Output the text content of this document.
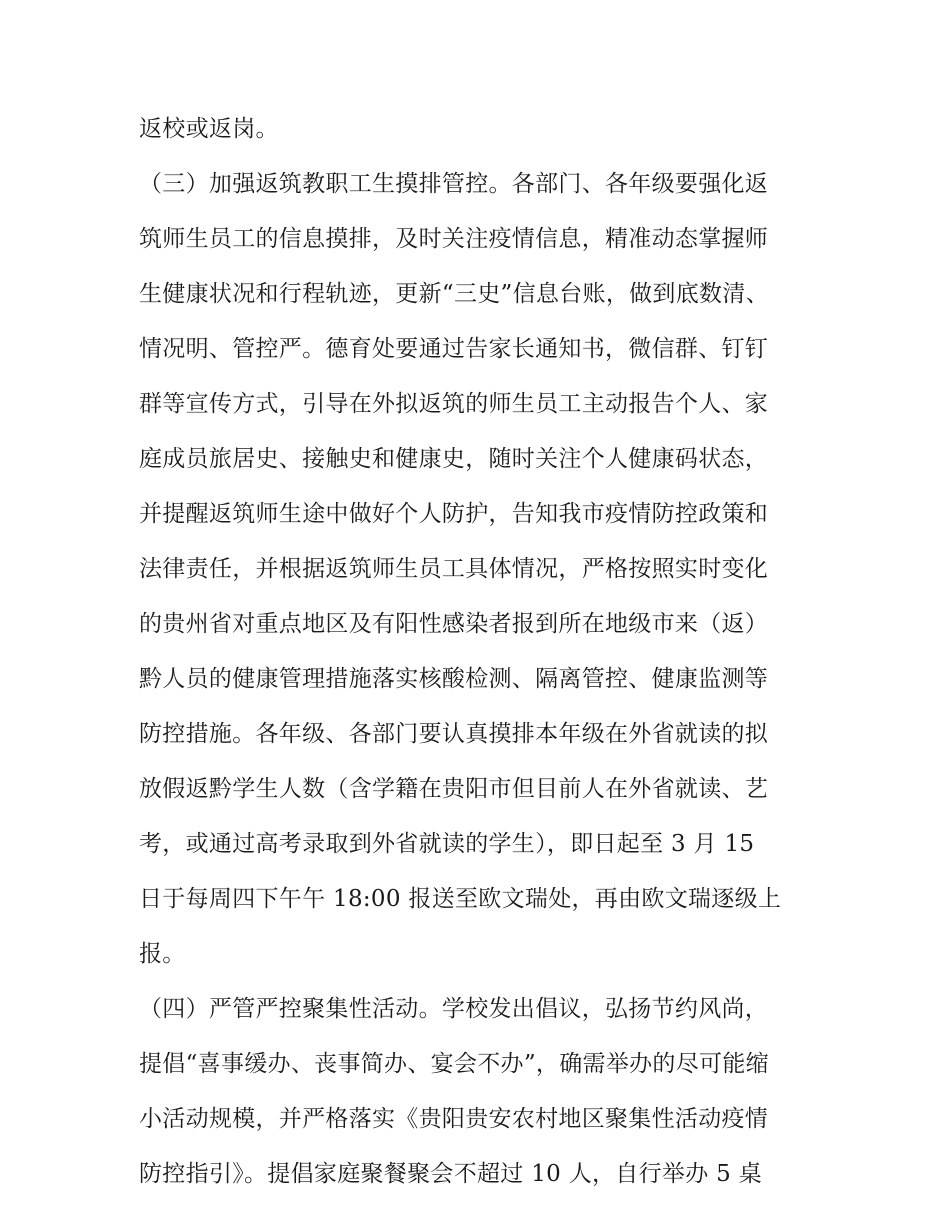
返校或返岗。
（三）加强返筑教职工生摸排管控。各部门、各年级要强化返
筑师生员工的信息摸排，及时关注疫情信息，精准动态掌握师
生健康状况和行程轨迹，更新“三史”信息台账，做到底数清、
情况明、管控严。德育处要通过告家长通知书，微信群、钉钉
群等宣传方式，引导在外拟返筑的师生员工主动报告个人、家
庭成员旅居史、接触史和健康史，随时关注个人健康码状态，
并提醒返筑师生途中做好个人防护，告知我市疫情防控政策和
法律责任，并根据返筑师生员工具体情况，严格按照实时变化
的贵州省对重点地区及有阳性感染者报到所在地级市来（返）
黔人员的健康管理措施落实核酸检测、隔离管控、健康监测等
防控措施。各年级、各部门要认真摸排本年级在外省就读的拟
放假返黔学生人数（含学籍在贵阳市但目前人在外省就读、艺
考，或通过高考录取到外省就读的学生），即日起至 3 月 15
日于每周四下午午 18:00 报送至欧文瑞处，再由欧文瑞逐级上
报。
（四）严管严控聚集性活动。学校发出倡议，弘扬节约风尚，
提倡“喜事缓办、丧事简办、宴会不办”，确需举办的尽可能缩
小活动规模，并严格落实《贵阳贵安农村地区聚集性活动疫情
防控指引》。提倡家庭聚餐聚会不超过 10 人，自行举办 5 桌
